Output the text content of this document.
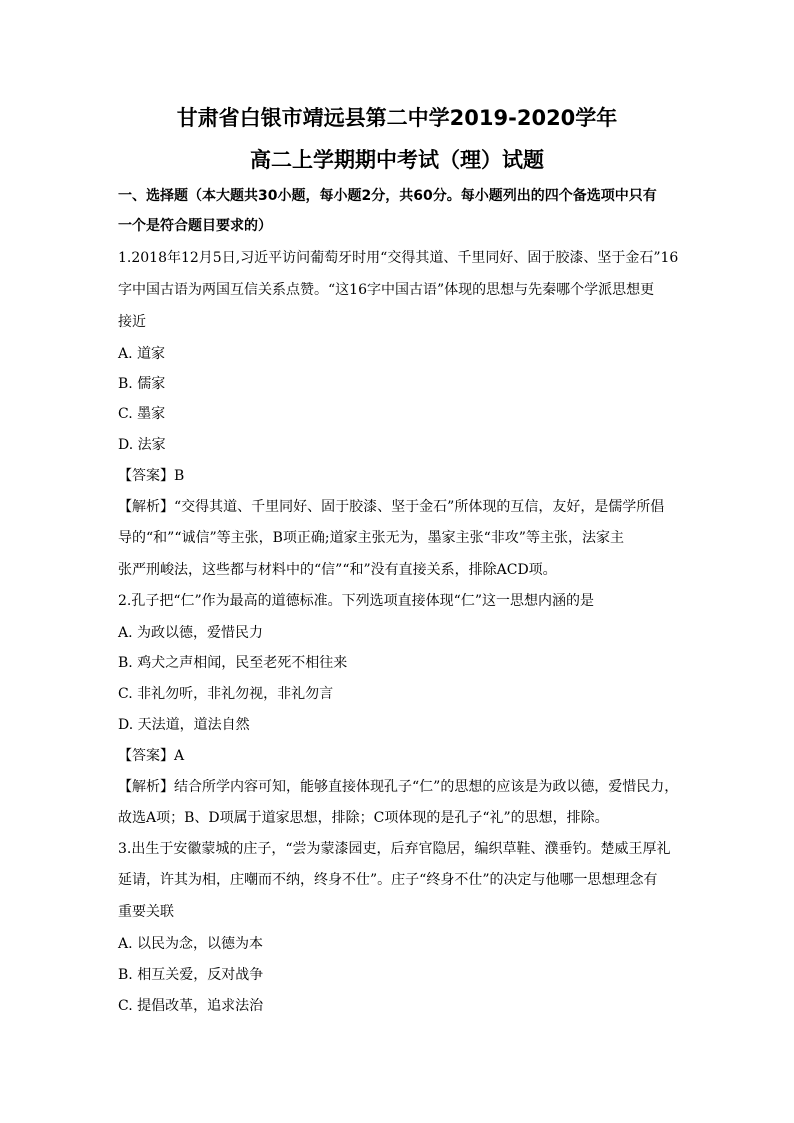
甘肃省白银市靖远县第二中学2019-2020学年
高二上学期期中考试（理）试题
一、选择题（本大题共30小题，每小题2分，共60分。每小题列出的四个备选项中只有
一个是符合题目要求的）
1.2018年12月5日,习近平访问葡萄牙时用“交得其道、千里同好、固于胶漆、坚于金石”16
字中国古语为两国互信关系点赞。“这16字中国古语”体现的思想与先秦哪个学派思想更
接近
A. 道家
B. 儒家
C. 墨家
D. 法家
【答案】B
【解析】“交得其道、千里同好、固于胶漆、坚于金石”所体现的互信，友好，是儒学所倡
导的“和”“诚信”等主张，B项正确;道家主张无为，墨家主张“非攻”等主张，法家主
张严刑峻法，这些都与材料中的“信”“和”没有直接关系，排除ACD项。
2.孔子把“仁”作为最高的道德标准。下列选项直接体现“仁”这一思想内涵的是
A. 为政以德，爱惜民力
B. 鸡犬之声相闻，民至老死不相往来
C. 非礼勿听，非礼勿视，非礼勿言
D. 天法道，道法自然
【答案】A
【解析】结合所学内容可知，能够直接体现孔子“仁”的思想的应该是为政以德，爱惜民力，
故选A项；B、D项属于道家思想，排除；C项体现的是孔子“礼”的思想，排除。
3.出生于安徽蒙城的庄子，“尝为蒙漆园吏，后弃官隐居，编织草鞋、濮垂钓。楚威王厚礼
延请，许其为相，庄嘲而不纳，终身不仕”。庄子“终身不仕”的决定与他哪一思想理念有
重要关联
A. 以民为念，以德为本
B. 相互关爱，反对战争
C. 提倡改革，追求法治
